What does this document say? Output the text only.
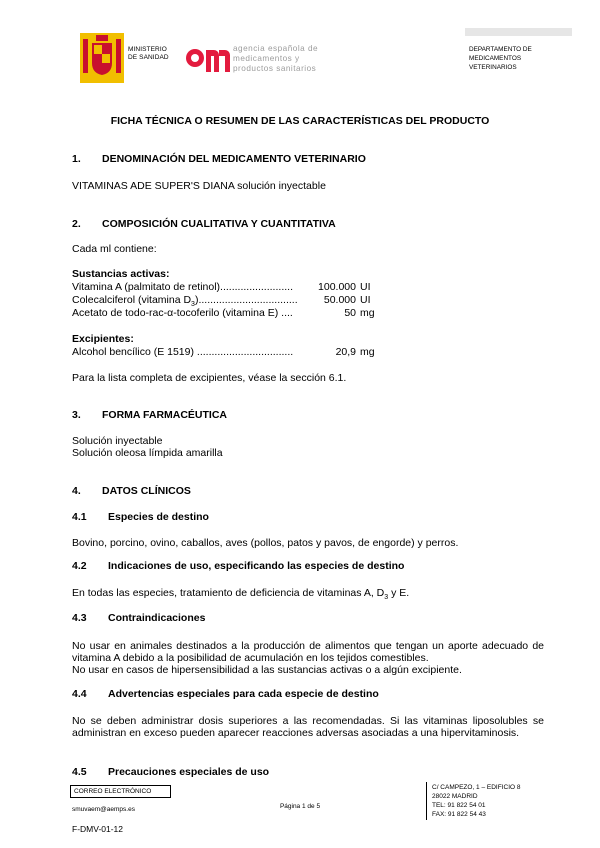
MINISTERIO
DE SANIDAD
agencia española de
medicamentos y
productos sanitarios
DEPARTAMENTO DE
MEDICAMENTOS
VETERINARIOS
FICHA TÉCNICA O RESUMEN DE LAS CARACTERÍSTICAS DEL PRODUCTO
1. DENOMINACIÓN DEL MEDICAMENTO VETERINARIO
VITAMINAS ADE SUPER'S DIANA solución inyectable
2. COMPOSICIÓN CUALITATIVA Y CUANTITATIVA
Cada ml contiene:
Sustancias activas:
Vitamina A (palmitato de retinol)......................... 100.000 UI
Colecalciferol (vitamina $D_3$).................................. 50.000 UI
Acetato de todo-rac-α-tocoferilo (vitamina E) ....	50 mg
Excipientes:
Alcohol bencílico (E 1519) .................................	20,9 mg
Para la lista completa de excipientes, véase la sección 6.1.
3. FORMA FARMACÉUTICA
Solución inyectable
Solución oleosa límpida amarilla
4. DATOS CLÍNICOS
4.1 Especies de destino
Bovino, porcino, ovino, caballos, aves (pollos, patos y pavos, de engorde) y perros.
4.2 Indicaciones de uso, especificando las especies de destino
En todas las especies, tratamiento de deficiencia de vitaminas A, $D_3$ y E.
4.3 Contraindicaciones
No usar en animales destinados a la producción de alimentos que tengan un aporte adecuado de vitamina A debido a la posibilidad de acumulación en los tejidos comestibles.
No usar en casos de hipersensibilidad a las sustancias activas o a algún excipiente.
4.4 Advertencias especiales para cada especie de destino
No se deben administrar dosis superiores a las recomendadas. Si las vitaminas liposolubles se administran en exceso pueden aparecer reacciones adversas asociadas a una hipervitaminosis.
4.5 Precauciones especiales de uso
CORREO ELECTRÓNICO
smuvaem@aemps.es	Página 1 de 5
C/ CAMPEZO, 1 – EDIFICIO 8
28022 MADRID
TEL: 91 822 54 01
FAX: 91 822 54 43
F-DMV-01-12
